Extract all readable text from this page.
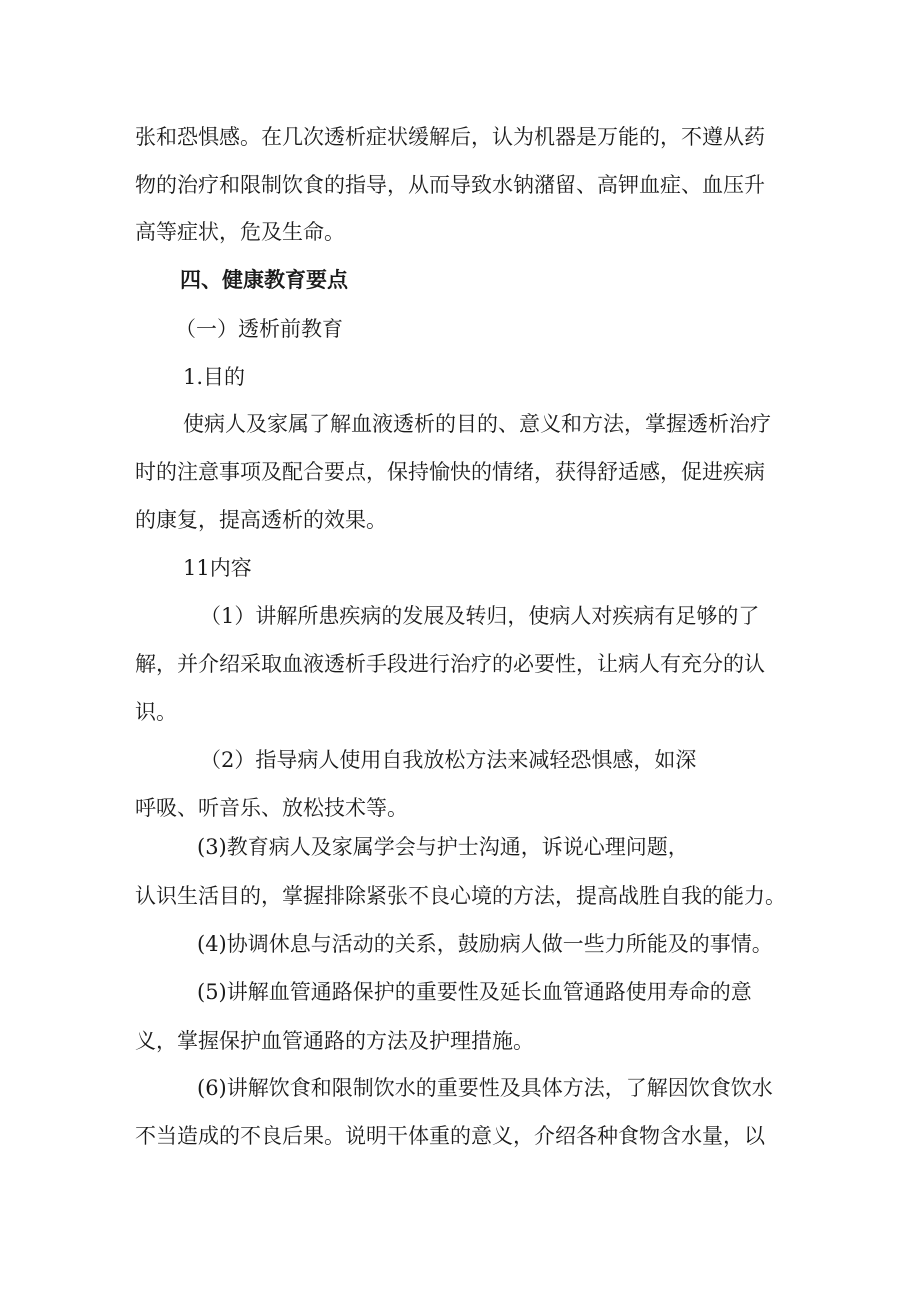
张和恐惧感。在几次透析症状缓解后，认为机器是万能的，不遵从药
物的治疗和限制饮食的指导，从而导致水钠潴留、高钾血症、血压升
高等症状，危及生命。
四、健康教育要点
（一）透析前教育
1.目的
使病人及家属了解血液透析的目的、意义和方法，掌握透析治疗
时的注意事项及配合要点，保持愉快的情绪，获得舒适感，促进疾病
的康复，提高透析的效果。
11内容
（1）讲解所患疾病的发展及转归，使病人对疾病有足够的了
解，并介绍采取血液透析手段进行治疗的必要性，让病人有充分的认
识。
（2）指导病人使用自我放松方法来减轻恐惧感，如深
呼吸、听音乐、放松技术等。
(3)教育病人及家属学会与护士沟通，诉说心理问题，
认识生活目的，掌握排除紧张不良心境的方法，提高战胜自我的能力。
(4)协调休息与活动的关系，鼓励病人做一些力所能及的事情。
(5)讲解血管通路保护的重要性及延长血管通路使用寿命的意
义，掌握保护血管通路的方法及护理措施。
(6)讲解饮食和限制饮水的重要性及具体方法，了解因饮食饮水
不当造成的不良后果。说明干体重的意义，介绍各种食物含水量，以
